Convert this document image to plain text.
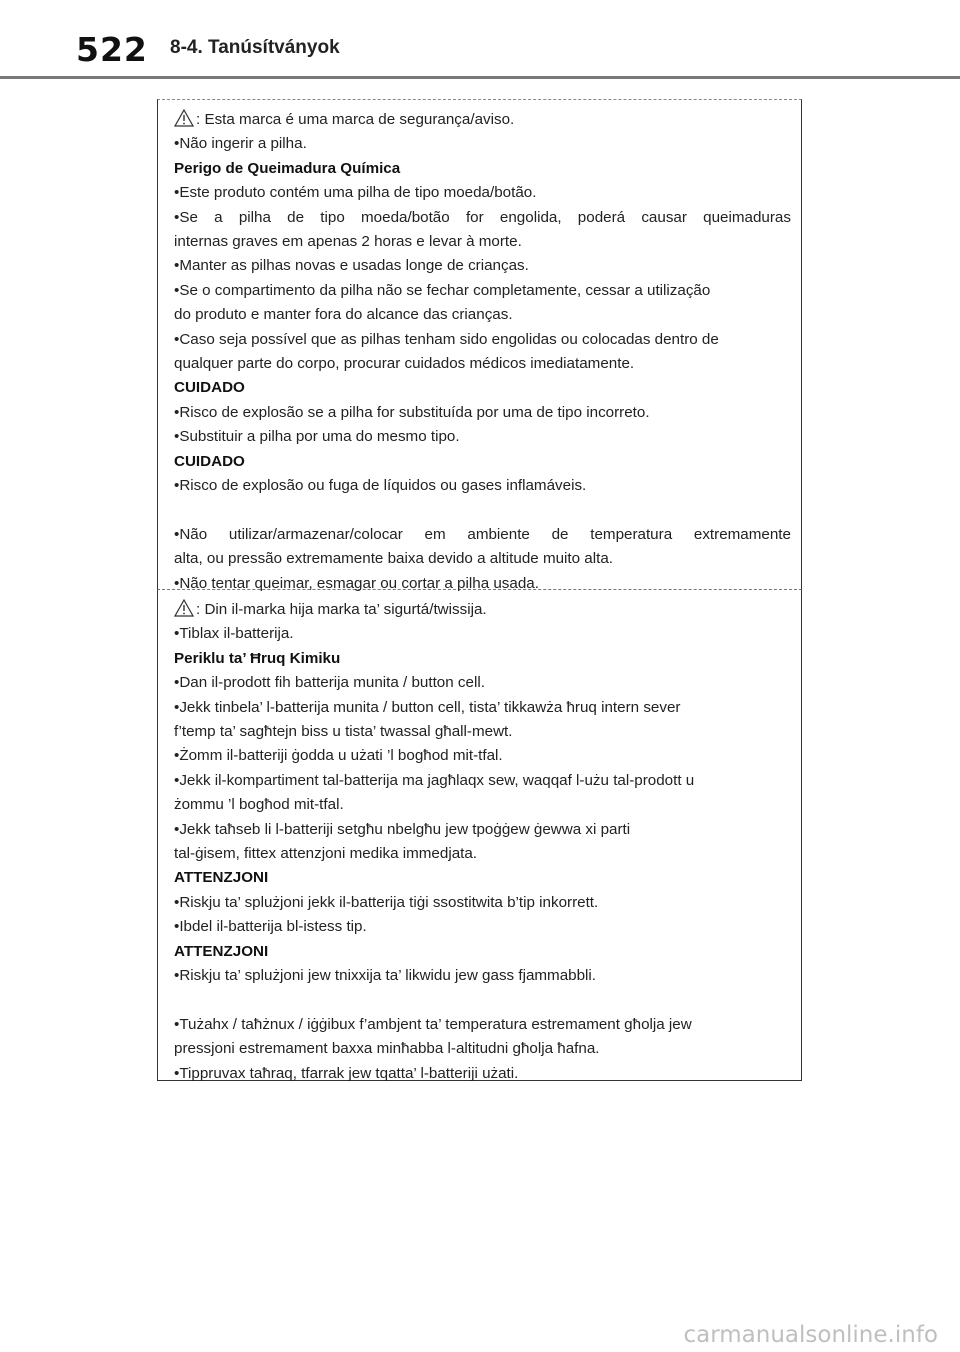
522 8-4. Tanúsítványok
: Esta marca é uma marca de segurança/aviso.
•Não ingerir a pilha.
Perigo de Queimadura Química
•Este produto contém uma pilha de tipo moeda/botão.
•Se a pilha de tipo moeda/botão for engolida, poderá causar queimaduras
internas graves em apenas 2 horas e levar à morte.
•Manter as pilhas novas e usadas longe de crianças.
•Se o compartimento da pilha não se fechar completamente, cessar a utilização
do produto e manter fora do alcance das crianças.
•Caso seja possível que as pilhas tenham sido engolidas ou colocadas dentro de
qualquer parte do corpo, procurar cuidados médicos imediatamente.
CUIDADO
•Risco de explosão se a pilha for substituída por uma de tipo incorreto.
•Substituir a pilha por uma do mesmo tipo.
CUIDADO
•Risco de explosão ou fuga de líquidos ou gases inflamáveis.
•Não utilizar/armazenar/colocar em ambiente de temperatura extremamente
alta, ou pressão extremamente baixa devido a altitude muito alta.
•Não tentar queimar, esmagar ou cortar a pilha usada.
: Din il-marka hija marka ta’ sigurtá/twissija.
•Tiblax il-batterija.
Periklu ta’ Ħruq Kimiku
•Dan il-prodott fih batterija munita / button cell.
•Jekk tinbela’ l-batterija munita / button cell, tista’ tikkawża ħruq intern sever
f’temp ta’ sagħtejn biss u tista’ twassal għall-mewt.
•Żomm il-batteriji ġodda u użati ’l bogħod mit-tfal.
•Jekk il-kompartiment tal-batterija ma jagħlaqx sew, waqqaf l-użu tal-prodott u
żommu ’l bogħod mit-tfal.
•Jekk taħseb li l-batteriji setgħu nbelgħu jew tpoġġew ġewwa xi parti
tal-ġisem, fittex attenzjoni medika immedjata.
ATTENZJONI
•Riskju ta’ splużjoni jekk il-batterija tiġi ssostitwita b’tip inkorrett.
•Ibdel il-batterija bl-istess tip.
ATTENZJONI
•Riskju ta’ splużjoni jew tnixxija ta’ likwidu jew gass fjammabbli.
•Tużahx / taħżnux / iġġibux f’ambjent ta’ temperatura estremament għolja jew
pressjoni estremament baxxa minħabba l-altitudni għolja ħafna.
•Tippruvax taħraq, tfarrak jew tqatta’ l-batteriji użati.
carmanualsonline.info
